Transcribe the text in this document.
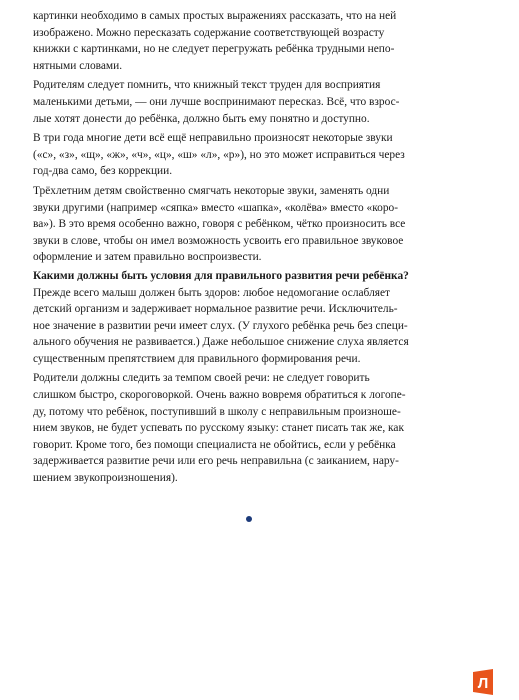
картинки необходимо в самых простых выражениях рассказать, что на ней
изображено. Можно пересказать содержание соответствующей возрасту
книжки с картинками, но не следует перегружать ребёнка трудными непо-
нятными словами.

Родителям следует помнить, что книжный текст труден для восприятия
маленькими детьми, — они лучше воспринимают пересказ. Всё, что взрос-
лые хотят донести до ребёнка, должно быть ему понятно и доступно.

В три года многие дети всё ещё неправильно произносят некоторые звуки
(«с», «з», «щ», «ж», «ч», «ц», «ш» «л», «р»), но это может исправиться через
год-два само, без коррекции.

Трёхлетним детям свойственно смягчать некоторые звуки, заменять одни
звуки другими (например «сяпка» вместо «шапка», «колёва» вместо «коро-
ва»). В это время особенно важно, говоря с ребёнком, чётко произносить все
звуки в слове, чтобы он имел возможность усвоить его правильное звуковое
оформление и затем правильно воспроизвести.

Какими должны быть условия для правильного развития речи ребёнка?

Прежде всего малыш должен быть здоров: любое недомогание ослабляет
детский организм и задерживает нормальное развитие речи. Исключитель-
ное значение в развитии речи имеет слух. (У глухого ребёнка речь без специ-
ального обучения не развивается.) Даже небольшое снижение слуха является
существенным препятствием для правильного формирования речи.

Родители должны следить за темпом своей речи: не следует говорить
слишком быстро, скороговоркой. Очень важно вовремя обратиться к логопе-
ду, потому что ребёнок, поступивший в школу с неправильным произноше-
нием звуков, не будет успевать по русскому языку: станет писать так же, как
говорит. Кроме того, без помощи специалиста не обойтись, если у ребёнка
задерживается развитие речи или его речь неправильна (с заиканием, нару-
шением звукопроизношения).

Л
